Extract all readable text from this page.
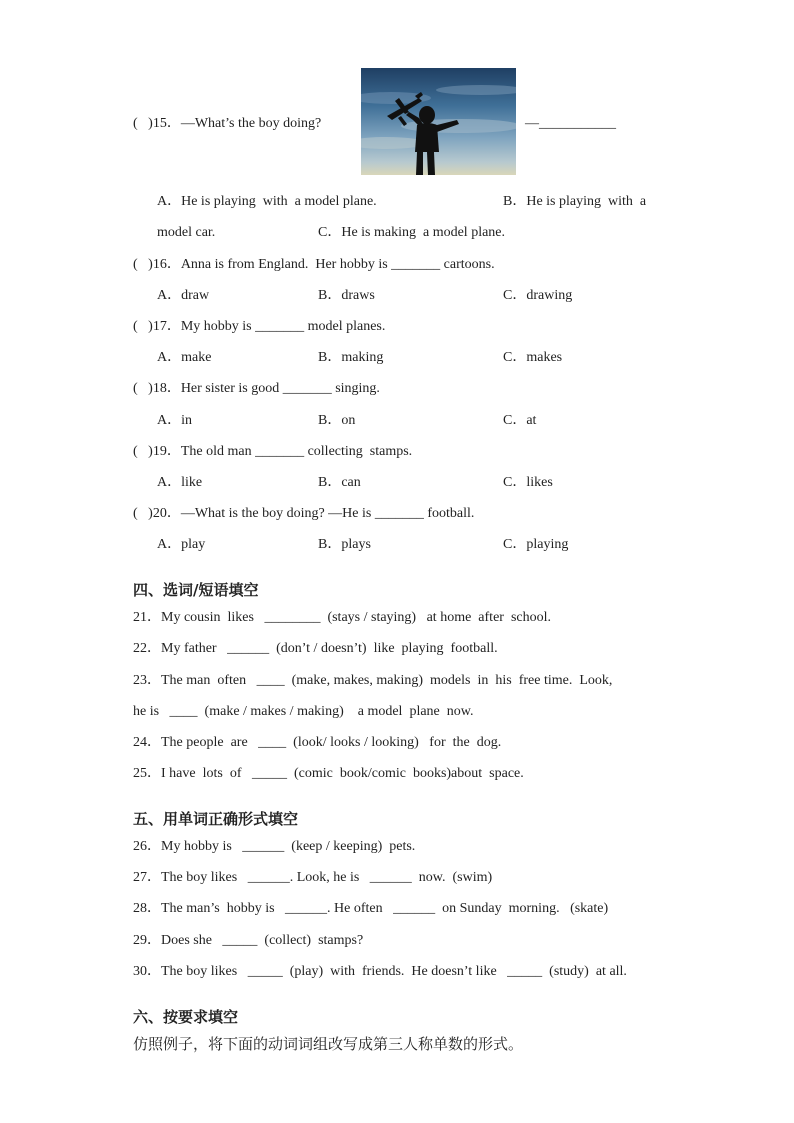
(   )15．—What’s the boy doing?	—___________
A．He is playing  with  a model plane.	B．He is playing  with  a
model car.	C．He is making  a model plane.
(   )16．Anna is from England.  Her hobby is _______ cartoons.
A．draw	B．draws	C．drawing
(   )17．My hobby is _______ model planes.
A．make	B．making	C．makes
(   )18．Her sister is good _______ singing.
A．in	B．on	C．at
(   )19．The old man _______ collecting  stamps.
A．like	B．can	C．likes
(   )20．—What is the boy doing? —He is _______ football.
A．play	B．plays	C．playing
四、选词/短语填空
21．My cousin  likes   ________  (stays / staying)   at home  after  school.
22．My father   ______  (don’t / doesn’t)  like  playing  football.
23．The man  often   ____  (make, makes, making)  models  in  his  free time.  Look,
he is   ____  (make / makes / making)    a model  plane  now.
24．The people  are   ____  (look/ looks / looking)   for  the  dog.
25．I have  lots  of   _____  (comic  book/comic  books)about  space.
五、用单词正确形式填空
26．My hobby is   ______  (keep / keeping)  pets.
27．The boy likes   ______. Look, he is   ______  now.  (swim)
28．The man’s  hobby is   ______. He often   ______  on Sunday  morning.   (skate)
29．Does she   _____  (collect)  stamps?
30．The boy likes   _____  (play)  with  friends.  He doesn’t like   _____  (study)  at all.
六、按要求填空
仿照例子，将下面的动词词组改写成第三人称单数的形式。
